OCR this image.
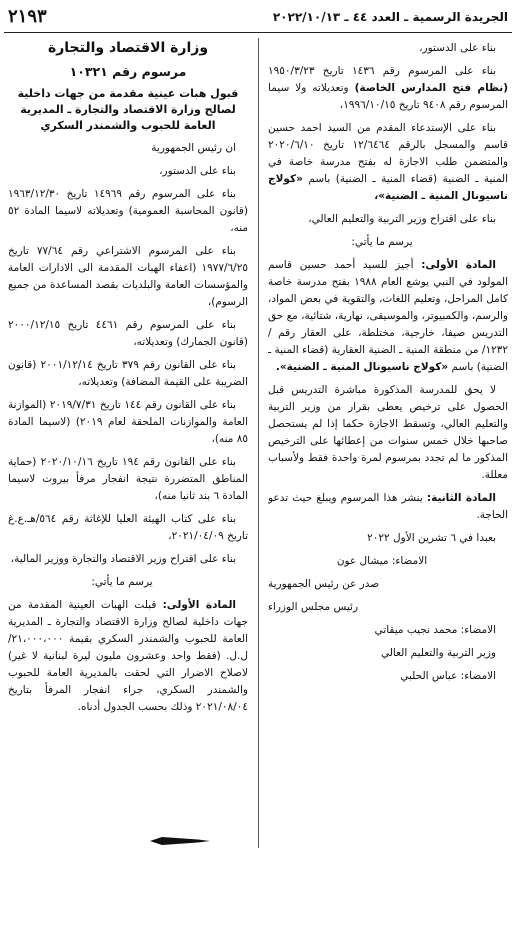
الجريدة الرسمية ـ العدد ٤٤ ـ ٢٠٢٢/١٠/١٣
٢١٩٣

بناء على الدستور،

بناء على المرسوم رقم ١٤٣٦ تاريخ ١٩٥٠/٣/٢٣ (نظام فتح المدارس الخاصة) وتعديلاته ولا سيما المرسوم رقم ٩٤٠٨ تاريخ ١٩٩٦/١٠/١٥،

بناء على الإستدعاء المقدم من السيد احمد حسين قاسم والمسجل بالرقم ١٢/٦٤٦٤ تاريخ ٢٠٢٠/٦/١٠ والمتضمن طلب الاجازة له بفتح مدرسة خاصة في المنية ـ الضنية (قضاء المنية ـ الضنية) باسم «كولاج ناسيونال المنية ـ الضنية»،

بناء على اقتراح وزير التربية والتعليم العالي،

يرسم ما يأتي:

المادة الأولى: أجيز للسيد أحمد حسين قاسم المولود في النبي يوشع العام ١٩٨٨ بفتح مدرسة خاصة كامل المراحل، وتعليم اللغات، والتقوية في بعض المواد، والرسم، والكمبيوتر، والموسيقى، نهارية، شتائية، مع حق التدريس صيفا، خارجية، مختلطة، على العقار رقم /١٢٣٢/ من منطقة المنية ـ الضنية العقارية (قضاء المنية ـ الضنية) باسم «كولاج ناسيونال المنية ـ الضنية».

لا يحق للمدرسة المذكورة مباشرة التدريس قبل الحصول على ترخيص يعطى بقرار من وزير التربية والتعليم العالي، وتسقط الاجازة حكما إذا لم يستحصل صاحبها خلال خمس سنوات من إعطائها على الترخيص المذكور ما لم تجدد بمرسوم لمرة واحدة فقط ولأسباب معللة.

المادة الثانية: ينشر هذا المرسوم ويبلغ حيث تدعو الحاجة.

بعبدا في ٦ تشرين الأول ٢٠٢٢

الامضاء: ميشال عون

صدر عن رئيس الجمهورية

رئيس مجلس الوزراء

الامضاء: محمد نجيب ميقاتي

وزير التربية والتعليم العالي

الامضاء: عباس الحلبي

وزارة الاقتصاد والتجارة

مرسوم رقم ١٠٣٢١

قبول هبات عينية مقدمة من جهات داخلية لصالح وزارة الاقتصاد والتجارة ـ المديرية العامة للحبوب والشمندر السكري

ان رئيس الجمهورية

بناء على الدستور،

بناء على المرسوم رقم ١٤٩٦٩ تاريخ ١٩٦٣/١٢/٣٠ (قانون المحاسبة العمومية) وتعديلاته لاسيما المادة ٥٢ منه،

بناء على المرسوم الاشتراعي رقم ٧٧/٦٤ تاريخ ١٩٧٧/٦/٢٥ (اعفاء الهبات المقدمة الى الادارات العامة والمؤسسات العامة والبلديات بقصد المساعدة من جميع الرسوم)،

بناء على المرسوم رقم ٤٤٦١ تاريخ ٢٠٠٠/١٢/١٥ (قانون الجمارك) وتعديلاته،

بناء على القانون رقم ٣٧٩ تاريخ ٢٠٠١/١٢/١٤ (قانون الضريبة على القيمة المضافة) وتعديلاته،

بناء على القانون رقم ١٤٤ تاريخ ٢٠١٩/٧/٣١ (الموازنة العامة والموازنات الملحقة لعام ٢٠١٩) (لاسيما المادة ٨٥ منه)،

بناء على القانون رقم ١٩٤ تاريخ ٢٠٢٠/١٠/١٦ (حماية المناطق المتضررة نتيجة انفجار مرفأ بيروت لاسيما المادة ٦ بند ثانيا منه)،

بناء على كتاب الهيئة العليا للإغاثة رقم ٥٦٤/هـ.ع.غ تاريخ ٢٠٢١/٠٤/٠٩،

بناء على اقتراح وزير الاقتصاد والتجارة ووزير المالية،

يرسم ما يأتي:

المادة الأولى: قبلت الهبات العينية المقدمة من جهات داخلية لصالح وزارة الاقتصاد والتجارة ـ المديرية العامة للحبوب والشمندر السكري بقيمة ٢١،٠٠٠،٠٠٠/ل.ل. (فقط واحد وعشرون مليون ليرة لبنانية لا غير) لاصلاح الاضرار التي لحقت بالمديرية العامة للحبوب والشمندر السكري، جراء انفجار المرفأ بتاريخ ٢٠٢١/٠٨/٠٤ وذلك بحسب الجدول أدناه.
